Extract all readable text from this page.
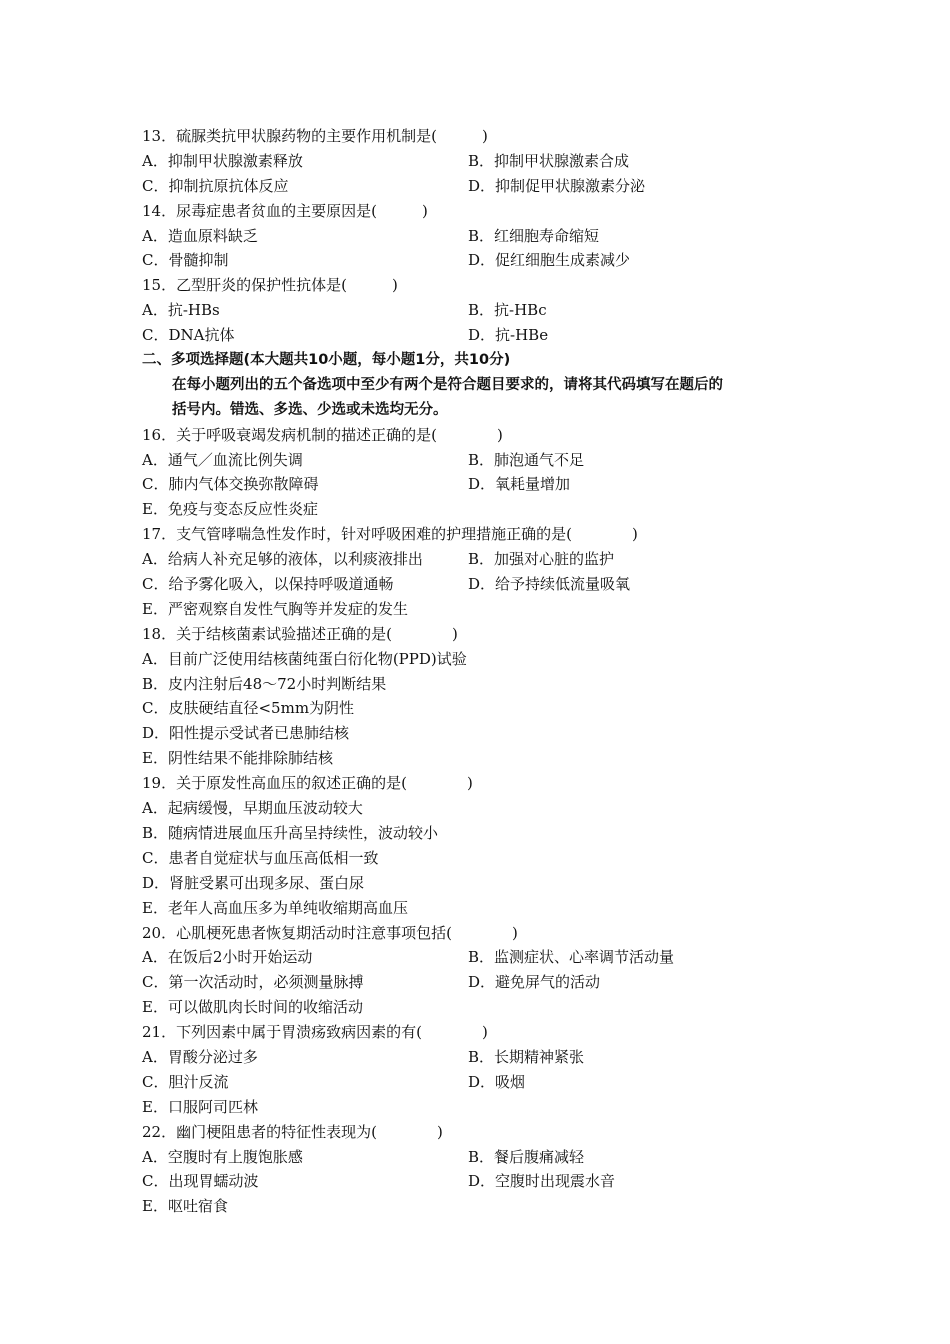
13．硫脲类抗甲状腺药物的主要作用机制是(　　　)
A．抑制甲状腺激素释放	B．抑制甲状腺激素合成
C．抑制抗原抗体反应	D．抑制促甲状腺激素分泌
14．尿毒症患者贫血的主要原因是(　　　)
A．造血原料缺乏	B．红细胞寿命缩短
C．骨髓抑制	D．促红细胞生成素减少
15．乙型肝炎的保护性抗体是(　　　)
A．抗-HBs	B．抗-HBc
C．DNA抗体	D．抗-HBe
二、多项选择题(本大题共10小题，每小题1分，共10分)
在每小题列出的五个备选项中至少有两个是符合题目要求的，请将其代码填写在题后的
括号内。错选、多选、少选或未选均无分。
16．关于呼吸衰竭发病机制的描述正确的是(　　　　)
A．通气／血流比例失调	B．肺泡通气不足
C．肺内气体交换弥散障碍	D．氧耗量增加
E．免疫与变态反应性炎症
17．支气管哮喘急性发作时，针对呼吸困难的护理措施正确的是(　　　　)
A．给病人补充足够的液体，以利痰液排出	B．加强对心脏的监护
C．给予雾化吸入，以保持呼吸道通畅	D．给予持续低流量吸氧
E．严密观察自发性气胸等并发症的发生
18．关于结核菌素试验描述正确的是(　　　　)
A．目前广泛使用结核菌纯蛋白衍化物(PPD)试验
B．皮内注射后48～72小时判断结果
C．皮肤硬结直径<5mm为阴性
D．阳性提示受试者已患肺结核
E．阴性结果不能排除肺结核
19．关于原发性高血压的叙述正确的是(　　　　)
A．起病缓慢，早期血压波动较大
B．随病情进展血压升高呈持续性，波动较小
C．患者自觉症状与血压高低相一致
D．肾脏受累可出现多尿、蛋白尿
E．老年人高血压多为单纯收缩期高血压
20．心肌梗死患者恢复期活动时注意事项包括(　　　　)
A．在饭后2小时开始运动	B．监测症状、心率调节活动量
C．第一次活动时，必须测量脉搏	D．避免屏气的活动
E．可以做肌肉长时间的收缩活动
21．下列因素中属于胃溃疡致病因素的有(　　　　)
A．胃酸分泌过多	B．长期精神紧张
C．胆汁反流	D．吸烟
E．口服阿司匹林
22．幽门梗阻患者的特征性表现为(　　　　)
A．空腹时有上腹饱胀感	B．餐后腹痛减轻
C．出现胃蠕动波	D．空腹时出现震水音
E．呕吐宿食
